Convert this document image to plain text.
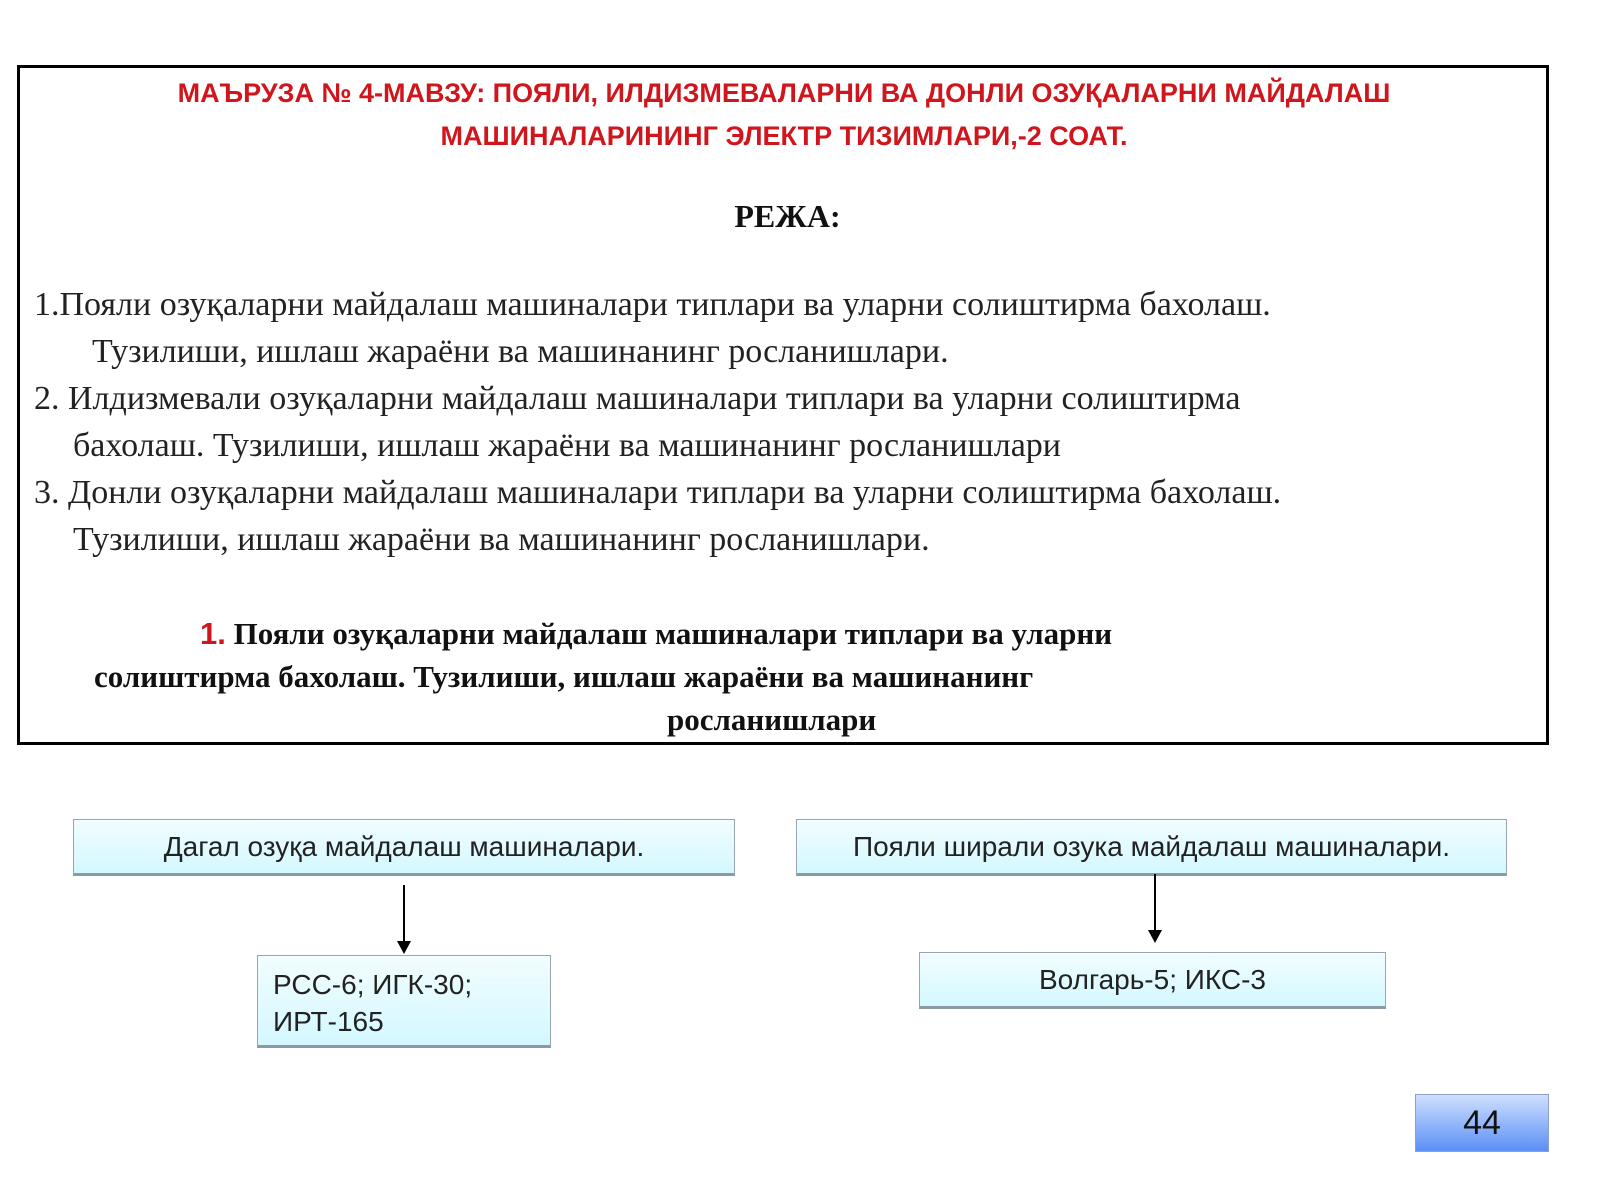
МАЪРУЗА № 4-МАВЗУ: ПОЯЛИ, ИЛДИЗМЕВАЛАРНИ ВА ДОНЛИ ОЗУҚАЛАРНИ МАЙДАЛАШ
МАШИНАЛАРИНИНГ ЭЛЕКТР ТИЗИМЛАРИ,-2 СОАТ.
РЕЖА:
1.Пояли озуқаларни майдалаш машиналари типлари ва уларни солиштирма бахолаш.
Тузилиши, ишлаш жараёни ва машинанинг росланишлари.
2. Илдизмевали озуқаларни майдалаш машиналари типлари ва уларни солиштирма
бахолаш. Тузилиши, ишлаш жараёни ва машинанинг росланишлари
3. Донли озуқаларни майдалаш машиналари типлари ва уларни солиштирма бахолаш.
Тузилиши, ишлаш жараёни ва машинанинг росланишлари.
1. Пояли озуқаларни майдалаш машиналари типлари ва уларни
солиштирма бахолаш. Тузилиши, ишлаш жараёни ва машинанинг
росланишлари
Дагал озуқа майдалаш машиналари.
РСС-6; ИГК-30;
ИРТ-165
Пояли ширали озука майдалаш машиналари.
Волгарь-5; ИКС-3
44
